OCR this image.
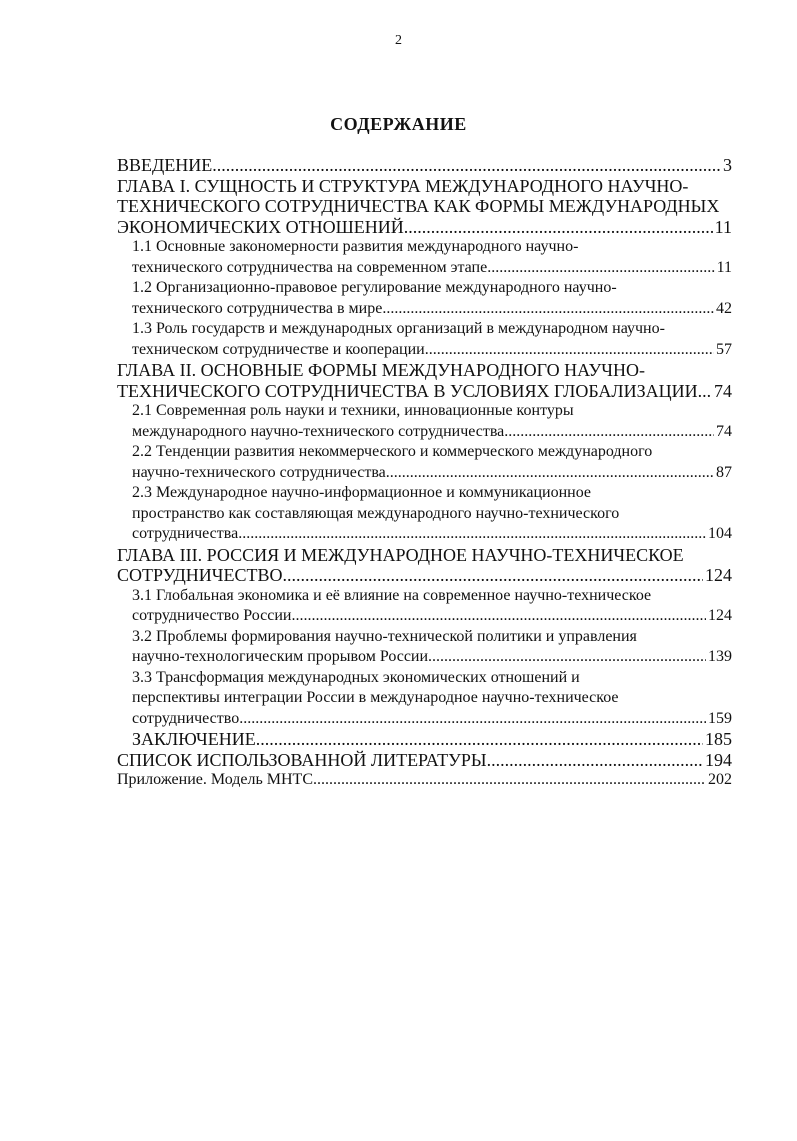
2
СОДЕРЖАНИЕ
ВВЕДЕНИЕ .....	3
ГЛАВА I. СУЩНОСТЬ И СТРУКТУРА МЕЖДУНАРОДНОГО НАУЧНО-
ТЕХНИЧЕСКОГО СОТРУДНИЧЕСТВА КАК ФОРМЫ МЕЖДУНАРОДНЫХ
ЭКОНОМИЧЕСКИХ ОТНОШЕНИЙ .....	11
1.1 Основные закономерности развития международного научно-
технического сотрудничества на современном этапе .....	11
1.2 Организационно-правовое регулирование международного научно-
технического сотрудничества в мире .....	42
1.3 Роль государств и международных организаций в международном научно-
техническом сотрудничестве и кооперации .....	57
ГЛАВА II. ОСНОВНЫЕ ФОРМЫ МЕЖДУНАРОДНОГО НАУЧНО-
ТЕХНИЧЕСКОГО СОТРУДНИЧЕСТВА В УСЛОВИЯХ ГЛОБАЛИЗАЦИИ ..... 74
2.1 Современная роль науки и техники, инновационные контуры
международного научно-технического сотрудничества .....	74
2.2 Тенденции развития некоммерческого и коммерческого международного
научно-технического сотрудничества .....	87
2.3 Международное научно-информационное и коммуникационное
пространство как составляющая международного научно-технического
сотрудничества .....	104
ГЛАВА III. РОССИЯ И МЕЖДУНАРОДНОЕ НАУЧНО-ТЕХНИЧЕСКОЕ
СОТРУДНИЧЕСТВО .....	124
3.1 Глобальная экономика и её влияние на современное научно-техническое
сотрудничество России .....	124
3.2 Проблемы формирования научно-технической политики и управления
научно-технологическим прорывом России .....	139
3.3 Трансформация международных экономических отношений и
перспективы интеграции России в международное научно-техническое
сотрудничество .....	159
ЗАКЛЮЧЕНИЕ .....	185
СПИСОК ИСПОЛЬЗОВАННОЙ ЛИТЕРАТУРЫ .....	194
Приложение. Модель МНТС .....	202
